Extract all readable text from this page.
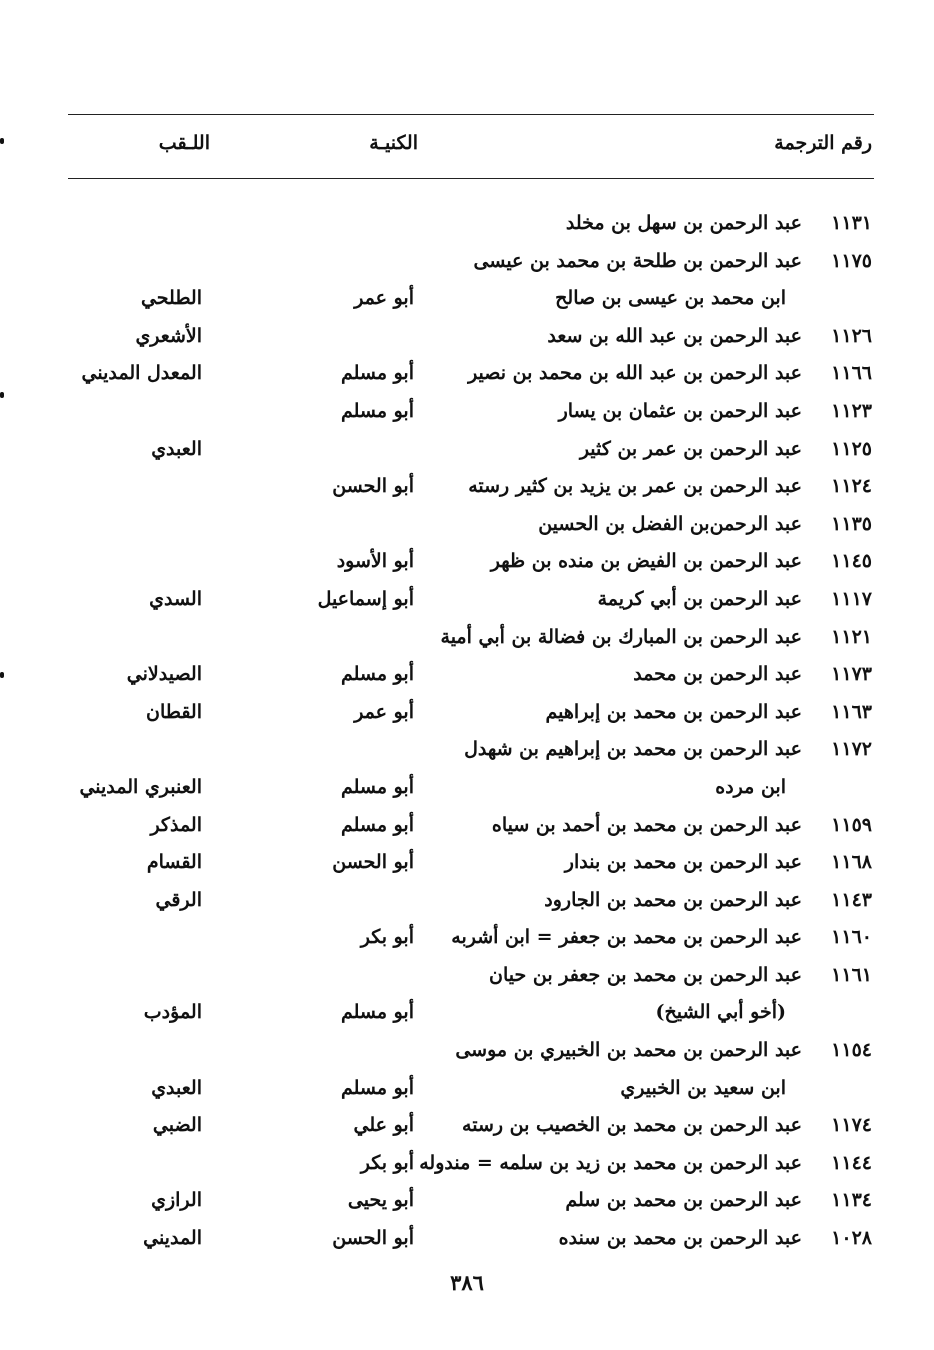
رقم الترجمة
الكنيـة
اللـقب
١١٣١
عبد الرحمن بن سهل بن مخلد
١١٧٥
عبد الرحمن بن طلحة بن محمد بن عيسى
ابن محمد بن عيسى بن صالح
أبو عمر
الطلحي
١١٢٦
عبد الرحمن بن عبد الله بن سعد
الأشعري
١١٦٦
عبد الرحمن بن عبد الله بن محمد بن نصير
أبو مسلم
المعدل المديني
١١٢٣
عبد الرحمن بن عثمان بن يسار
أبو مسلم
١١٢٥
عبد الرحمن بن عمر بن كثير
العبدي
١١٢٤
عبد الرحمن بن عمر بن يزيد بن كثير رسته
أبو الحسن
١١٣٥
عبد الرحمن‌بن الفضل بن الحسين
١١٤٥
عبد الرحمن بن الفيض بن منده بن ظهر
أبو الأسود
١١١٧
عبد الرحمن بن أبي كريمة
أبو إسماعيل
السدي
١١٢١
عبد الرحمن بن المبارك بن فضالة بن أبي أمية
١١٧٣
عبد الرحمن بن محمد
أبو مسلم
الصيدلاني
١١٦٣
عبد الرحمن بن محمد بن إبراهيم
أبو عمر
القطان
١١٧٢
عبد الرحمن بن محمد بن إبراهيم بن شهدل
ابن مرده
أبو مسلم
العنبري المديني
١١٥٩
عبد الرحمن بن محمد بن أحمد بن سياه
أبو مسلم
المذكر
١١٦٨
عبد الرحمن بن محمد بن بندار
أبو الحسن
القسام
١١٤٣
عبد الرحمن بن محمد بن الجارود
الرقي
١١٦٠
عبد الرحمن بن محمد بن جعفر = ابن أشربه
أبو بكر
١١٦١
عبد الرحمن بن محمد بن جعفر بن حيان
(أخو أبي الشيخ)
أبو مسلم
المؤدب
١١٥٤
عبد الرحمن بن محمد بن الخبيري بن موسى
ابن سعيد بن الخبيري
أبو مسلم
العبدي
١١٧٤
عبد الرحمن بن محمد بن الخصيب بن رسته
أبو علي
الضبي
١١٤٤
عبد الرحمن بن محمد بن زيد بن سلمه = مندوله
أبو بكر
١١٣٤
عبد الرحمن بن محمد بن سلم
أبو يحيى
الرازي
١٠٢٨
عبد الرحمن بن محمد بن سنده
أبو الحسن
المديني
٣٨٦
